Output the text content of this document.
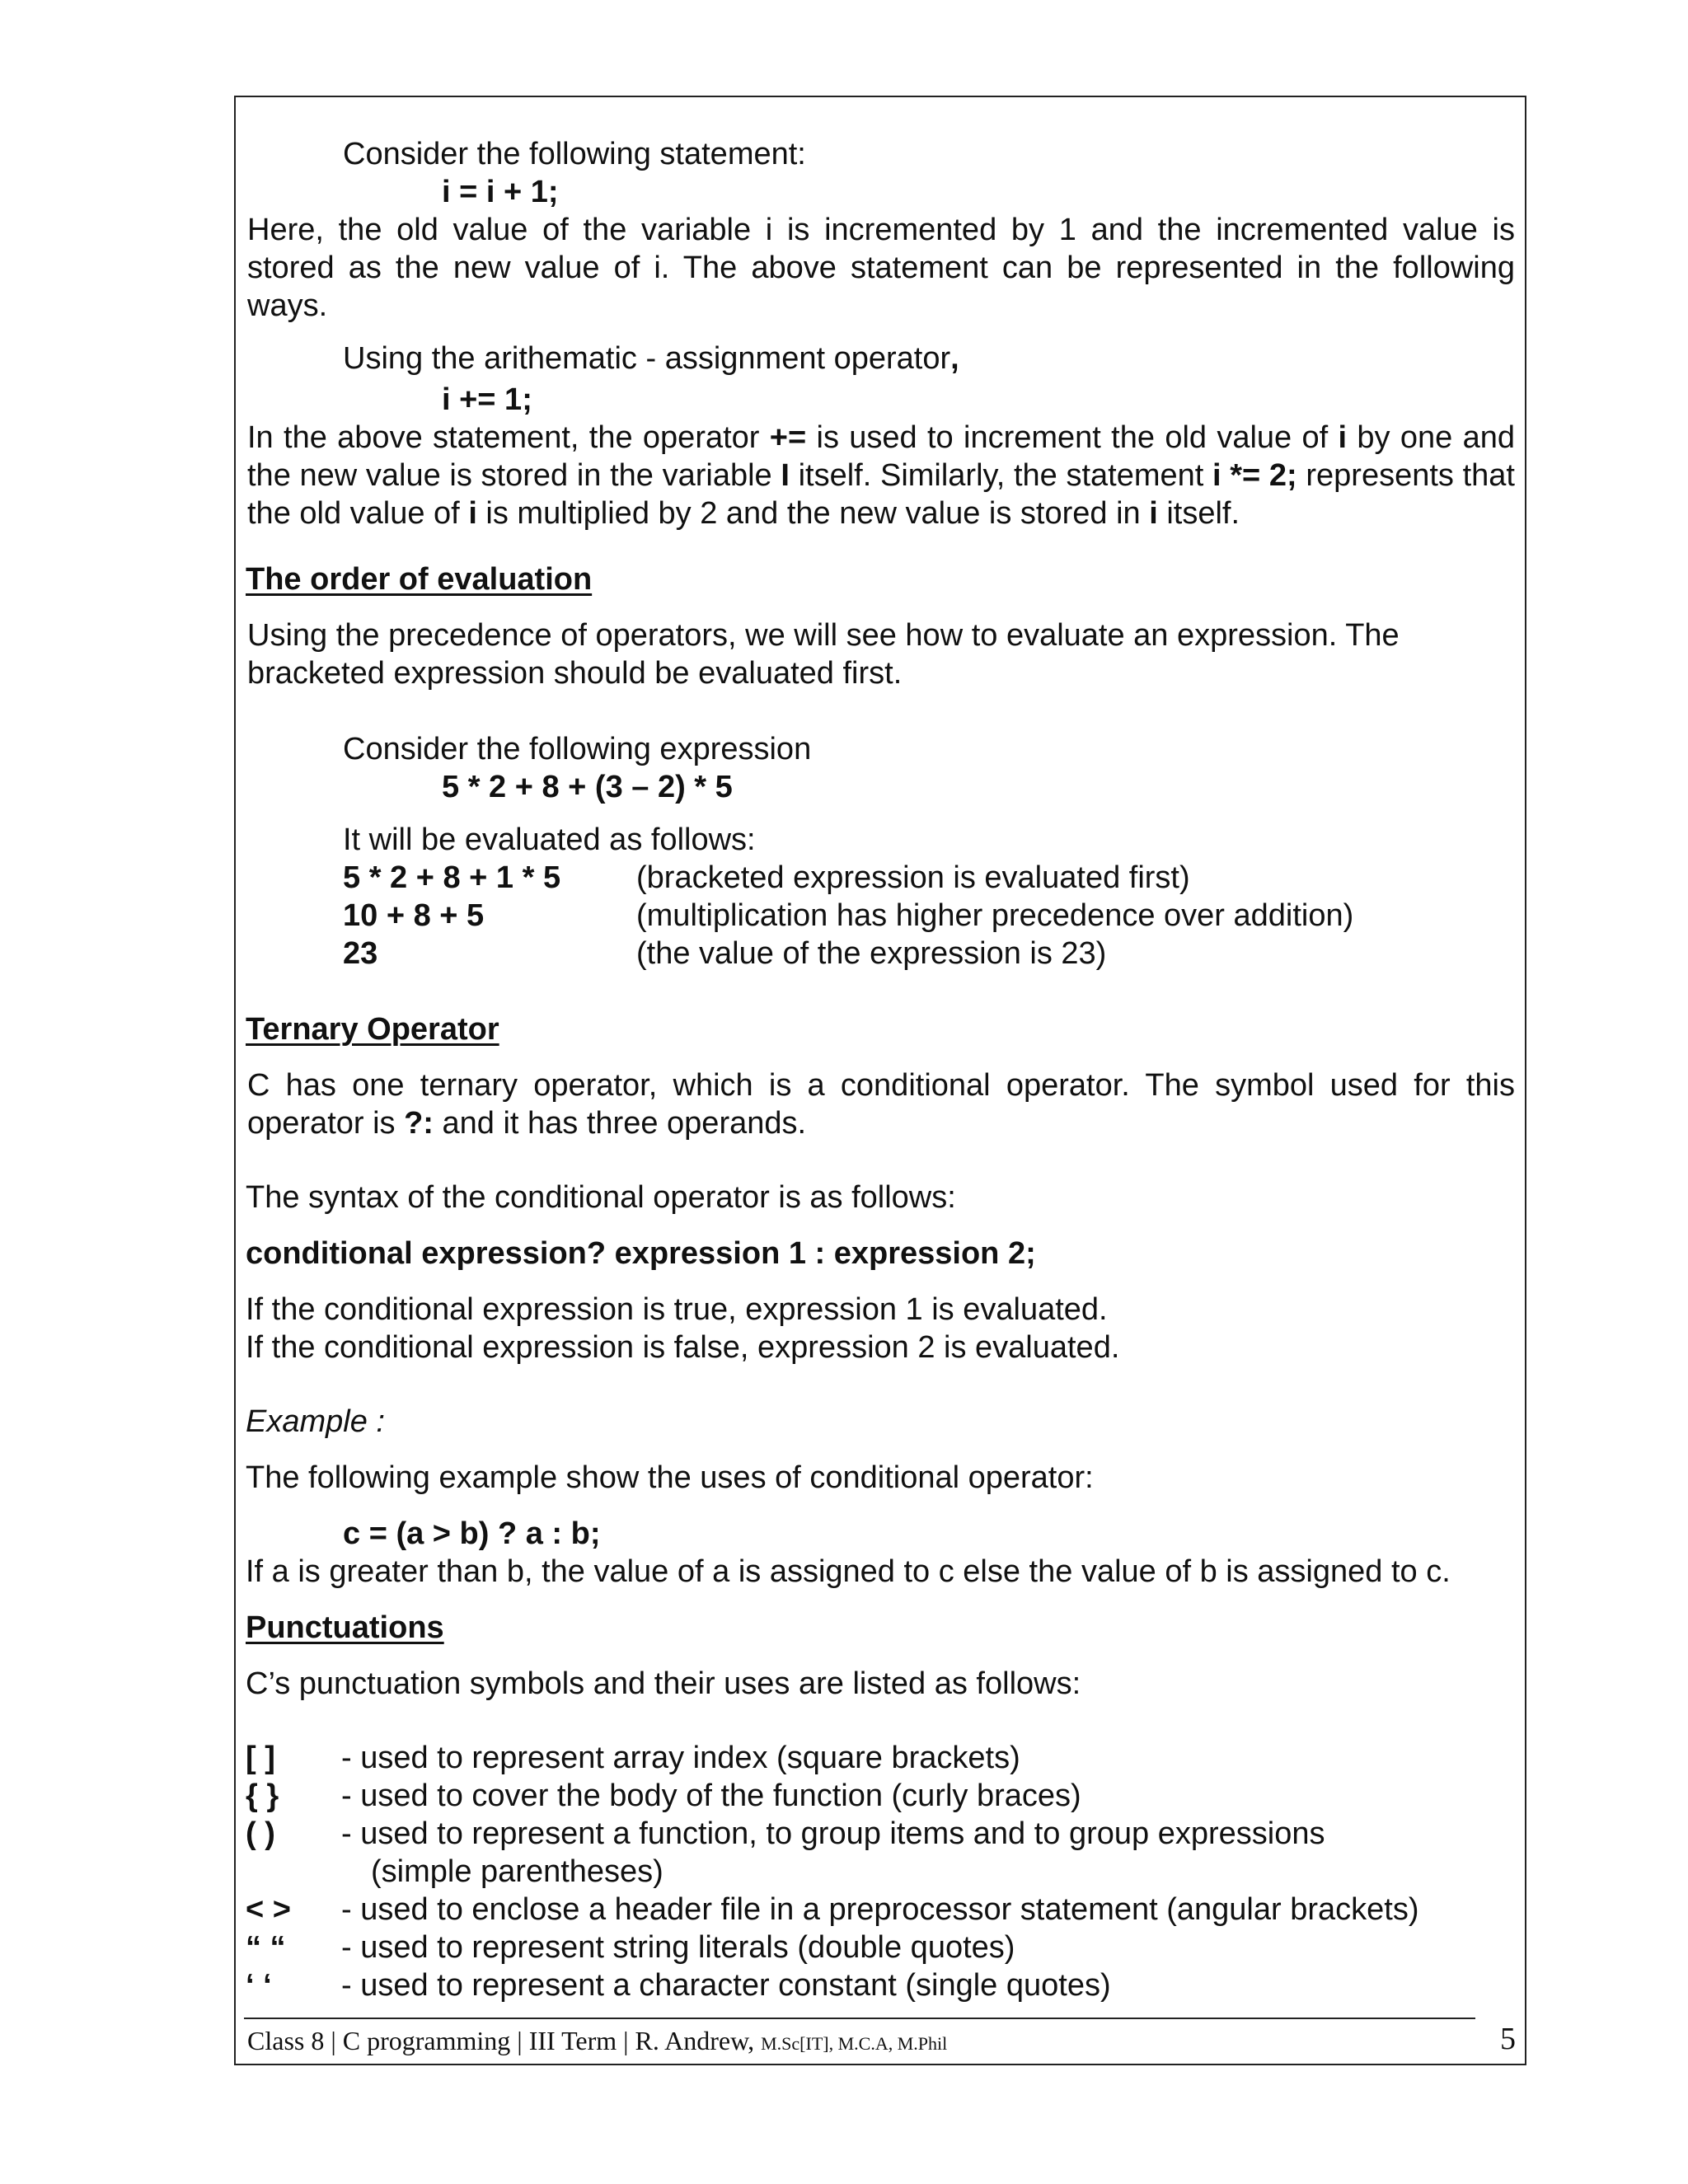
Consider the following statement:

i = i + 1;

Here, the old value of the variable i is incremented by 1 and the incremented value is stored as the new value of i. The above statement can be represented in the following ways.

Using the arithematic - assignment operator,

i += 1;

In the above statement, the operator += is used to increment the old value of i by one and the new value is stored in the variable I itself. Similarly, the statement i *= 2; represents that the old value of i is multiplied by 2 and the new value is stored in i itself.

The order of evaluation

Using the precedence of operators, we will see how to evaluate an expression. The bracketed expression should be evaluated first.

Consider the following expression

5 * 2 + 8 + (3 – 2) * 5

It will be evaluated as follows:

5 * 2 + 8 + 1 * 5 (bracketed expression is evaluated first)

10 + 8 + 5	(multiplication has higher precedence over addition)

23	(the value of the expression is 23)

Ternary Operator

C has one ternary operator, which is a conditional operator. The symbol used for this operator is ?: and it has three operands.

The syntax of the conditional operator is as follows:

conditional expression? expression 1 : expression 2;

If the conditional expression is true, expression 1 is evaluated.

If the conditional expression is false, expression 2 is evaluated.

Example :

The following example show the uses of conditional operator:

c = (a > b) ? a : b;

If a is greater than b, the value of a is assigned to c else the value of b is assigned to c.

Punctuations

C’s punctuation symbols and their uses are listed as follows:

[ ] - used to represent array index (square brackets)

{ } - used to cover the body of the function (curly braces)

( ) - used to represent a function, to group items and to group expressions

(simple parentheses)

< > - used to enclose a header file in a preprocessor statement (angular brackets)

“ “ - used to represent string literals (double quotes)

‘ ‘ - used to represent a character constant (single quotes)

Class 8 | C programming | III Term | R. Andrew, M.Sc[IT], M.C.A, M.Phil	5
